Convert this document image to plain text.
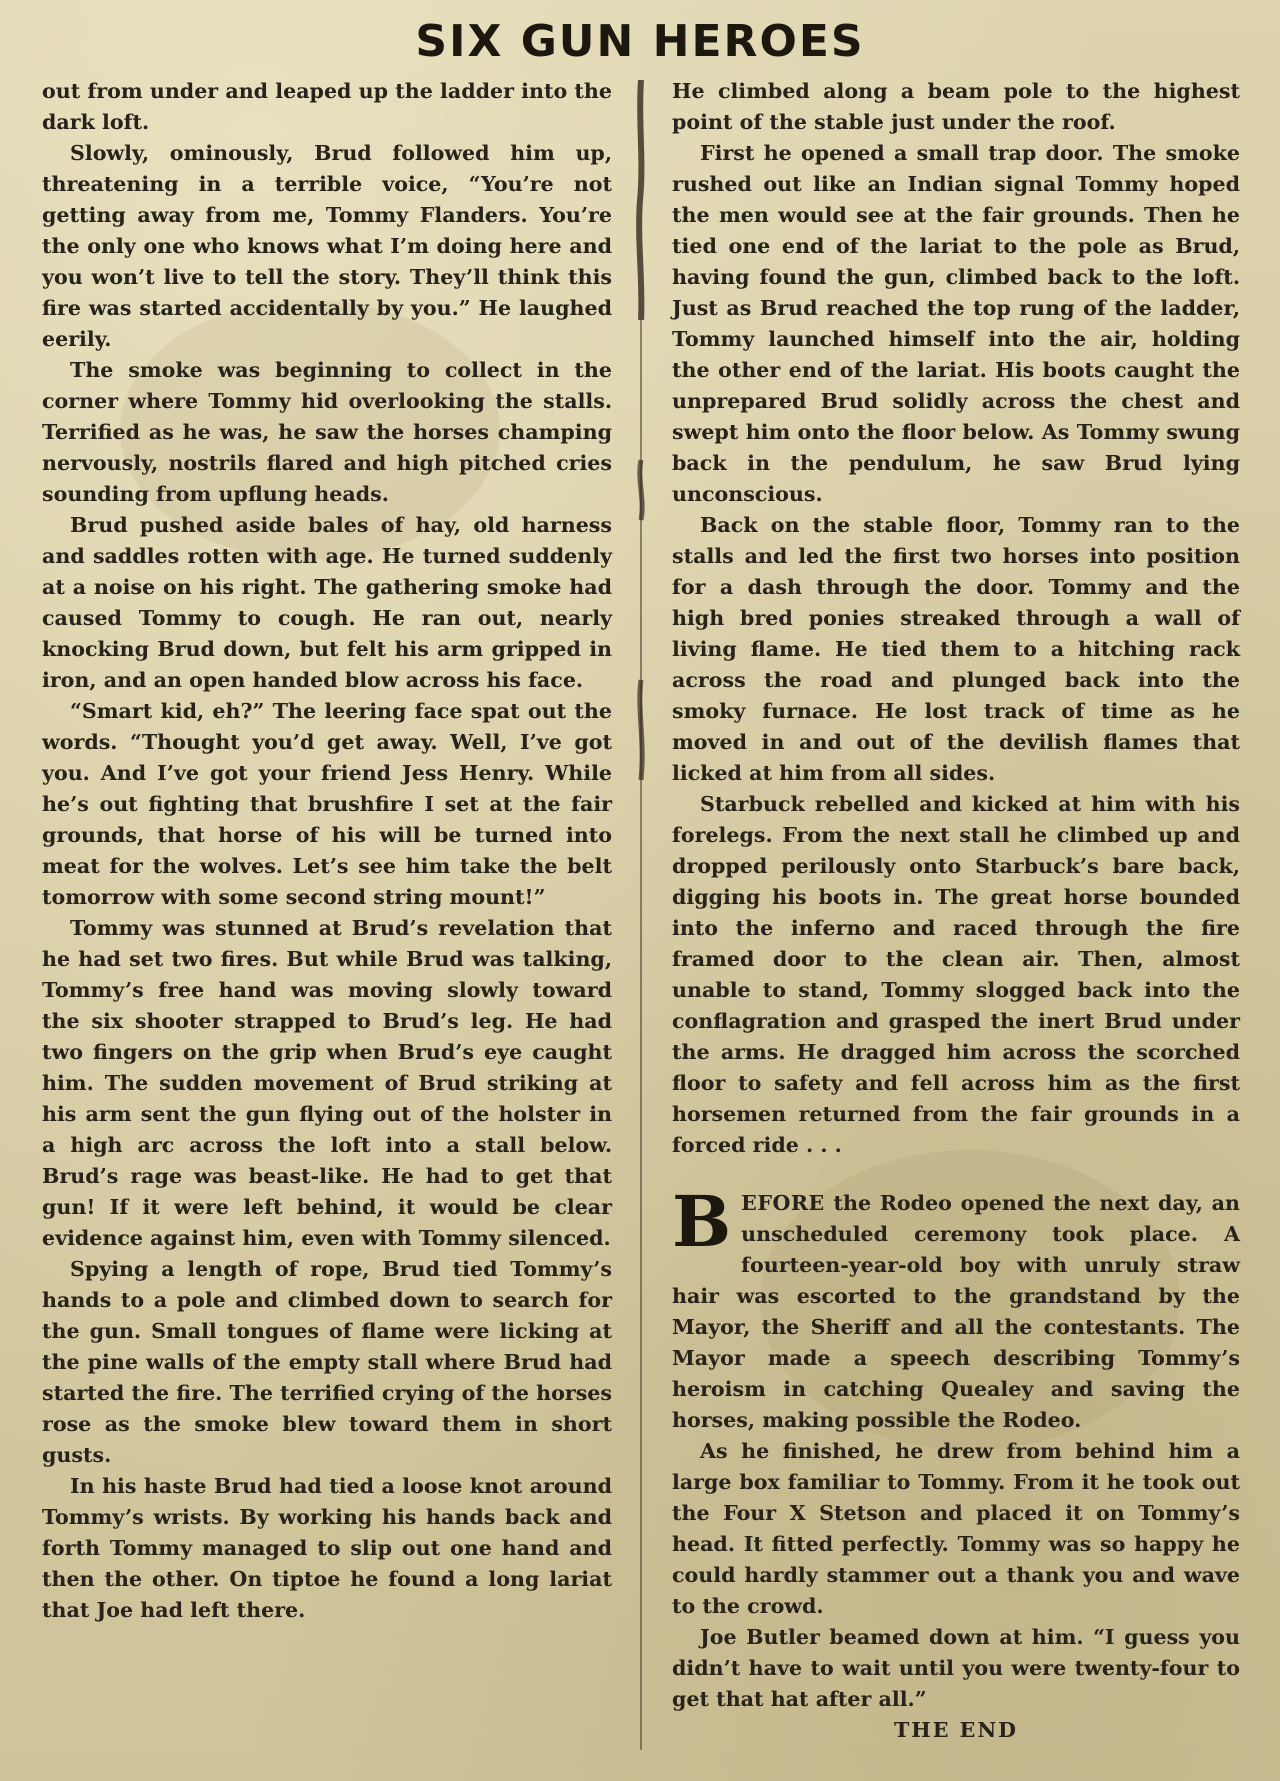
SIX GUN HEROES

out from under and leaped up the ladder into the dark loft.

Slowly, ominously, Brud followed him up, threatening in a terrible voice, “You’re not getting away from me, Tommy Flanders. You’re the only one who knows what I’m doing here and you won’t live to tell the story. They’ll think this fire was started accidentally by you.” He laughed eerily.

The smoke was beginning to collect in the corner where Tommy hid overlooking the stalls. Terrified as he was, he saw the horses champing nervously, nostrils flared and high pitched cries sounding from upflung heads.

Brud pushed aside bales of hay, old harness and saddles rotten with age. He turned suddenly at a noise on his right. The gathering smoke had caused Tommy to cough. He ran out, nearly knocking Brud down, but felt his arm gripped in iron, and an open handed blow across his face.

“Smart kid, eh?” The leering face spat out the words. “Thought you’d get away. Well, I’ve got you. And I’ve got your friend Jess Henry. While he’s out fighting that brushfire I set at the fair grounds, that horse of his will be turned into meat for the wolves. Let’s see him take the belt tomorrow with some second string mount!”

Tommy was stunned at Brud’s revelation that he had set two fires. But while Brud was talking, Tommy’s free hand was moving slowly toward the six shooter strapped to Brud’s leg. He had two fingers on the grip when Brud’s eye caught him. The sudden movement of Brud striking at his arm sent the gun flying out of the holster in a high arc across the loft into a stall below. Brud’s rage was beast-like. He had to get that gun! If it were left behind, it would be clear evidence against him, even with Tommy silenced.

Spying a length of rope, Brud tied Tommy’s hands to a pole and climbed down to search for the gun. Small tongues of flame were licking at the pine walls of the empty stall where Brud had started the fire. The terrified crying of the horses rose as the smoke blew toward them in short gusts.

In his haste Brud had tied a loose knot around Tommy’s wrists. By working his hands back and forth Tommy managed to slip out one hand and then the other. On tiptoe he found a long lariat that Joe had left there.

He climbed along a beam pole to the highest point of the stable just under the roof.

First he opened a small trap door. The smoke rushed out like an Indian signal Tommy hoped the men would see at the fair grounds. Then he tied one end of the lariat to the pole as Brud, having found the gun, climbed back to the loft. Just as Brud reached the top rung of the ladder, Tommy launched himself into the air, holding the other end of the lariat. His boots caught the unprepared Brud solidly across the chest and swept him onto the floor below. As Tommy swung back in the pendulum, he saw Brud lying unconscious.

Back on the stable floor, Tommy ran to the stalls and led the first two horses into position for a dash through the door. Tommy and the high bred ponies streaked through a wall of living flame. He tied them to a hitching rack across the road and plunged back into the smoky furnace. He lost track of time as he moved in and out of the devilish flames that licked at him from all sides.

Starbuck rebelled and kicked at him with his forelegs. From the next stall he climbed up and dropped perilously onto Starbuck’s bare back, digging his boots in. The great horse bounded into the inferno and raced through the fire framed door to the clean air. Then, almost unable to stand, Tommy slogged back into the conflagration and grasped the inert Brud under the arms. He dragged him across the scorched floor to safety and fell across him as the first horsemen returned from the fair grounds in a forced ride . . .

BEFORE the Rodeo opened the next day, an unscheduled ceremony took place. A fourteen-year-old boy with unruly straw hair was escorted to the grandstand by the Mayor, the Sheriff and all the contestants. The Mayor made a speech describing Tommy’s heroism in catching Quealey and saving the horses, making possible the Rodeo.

As he finished, he drew from behind him a large box familiar to Tommy. From it he took out the Four X Stetson and placed it on Tommy’s head. It fitted perfectly. Tommy was so happy he could hardly stammer out a thank you and wave to the crowd.

Joe Butler beamed down at him. “I guess you didn’t have to wait until you were twenty-four to get that hat after all.”

THE END
